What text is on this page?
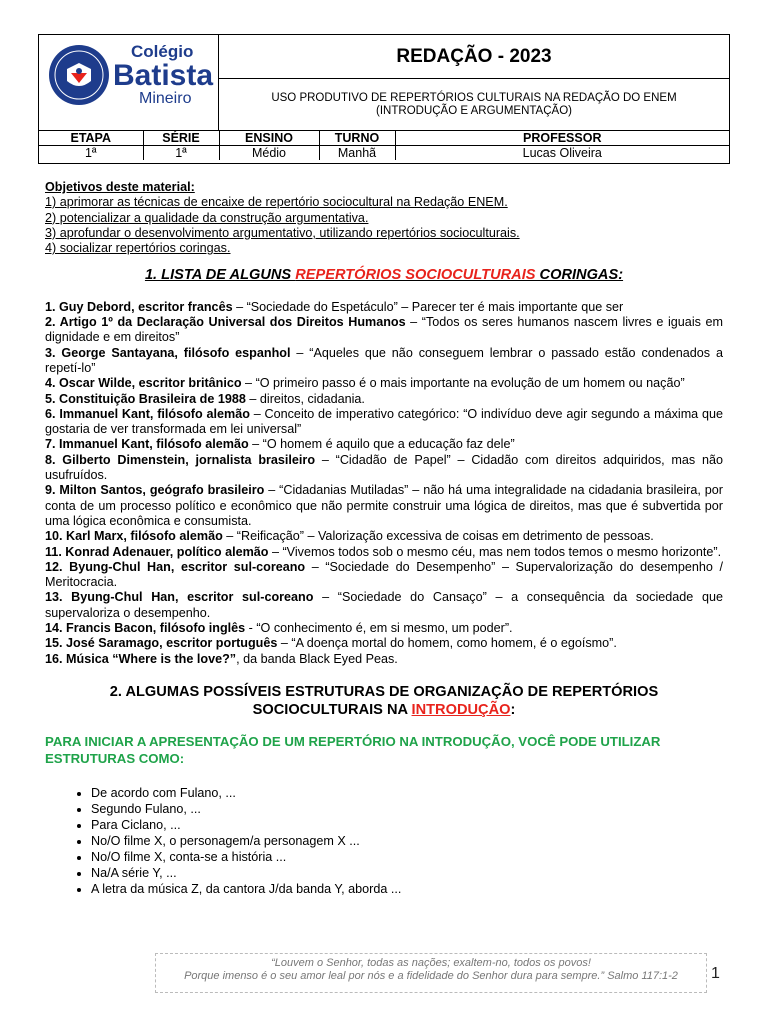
Colégio
Batista
Mineiro
REDAÇÃO - 2023
USO PRODUTIVO DE REPERTÓRIOS CULTURAIS NA REDAÇÃO DO ENEM
(INTRODUÇÃO E ARGUMENTAÇÃO)
ETAPA	SÉRIE	ENSINO	TURNO	PROFESSOR
1ª	1ª	Médio	Manhã	Lucas Oliveira

Objetivos deste material:

1) aprimorar as técnicas de encaixe de repertório sociocultural na Redação ENEM.

2) potencializar a qualidade da construção argumentativa.

3) aprofundar o desenvolvimento argumentativo, utilizando repertórios socioculturais.

4) socializar repertórios coringas.

1. LISTA DE ALGUNS REPERTÓRIOS SOCIOCULTURAIS CORINGAS:

1. Guy Debord, escritor francês – “Sociedade do Espetáculo” – Parecer ter é mais importante que ser

2. Artigo 1º da Declaração Universal dos Direitos Humanos – “Todos os seres humanos nascem livres e iguais em dignidade e em direitos”

3. George Santayana, filósofo espanhol – “Aqueles que não conseguem lembrar o passado estão condenados a repetí-lo”

4. Oscar Wilde, escritor britânico – “O primeiro passo é o mais importante na evolução de um homem ou nação”

5. Constituição Brasileira de 1988 – direitos, cidadania.

6. Immanuel Kant, filósofo alemão – Conceito de imperativo categórico: “O indivíduo deve agir segundo a máxima que gostaria de ver transformada em lei universal”

7. Immanuel Kant, filósofo alemão – “O homem é aquilo que a educação faz dele”

8. Gilberto Dimenstein, jornalista brasileiro – “Cidadão de Papel” – Cidadão com direitos adquiridos, mas não usufruídos.

9. Milton Santos, geógrafo brasileiro – “Cidadanias Mutiladas” – não há uma integralidade na cidadania brasileira, por conta de um processo político e econômico que não permite construir uma lógica de direitos, mas que é subvertida por uma lógica econômica e consumista.

10. Karl Marx, filósofo alemão – “Reificação” – Valorização excessiva de coisas em detrimento de pessoas.

11. Konrad Adenauer, político alemão – “Vivemos todos sob o mesmo céu, mas nem todos temos o mesmo horizonte”.

12. Byung-Chul Han, escritor sul-coreano – “Sociedade do Desempenho” – Supervalorização do desempenho / Meritocracia.

13. Byung-Chul Han, escritor sul-coreano – “Sociedade do Cansaço” – a consequência da sociedade que supervaloriza o desempenho.

14. Francis Bacon, filósofo inglês - “O conhecimento é, em si mesmo, um poder”.

15. José Saramago, escritor português – “A doença mortal do homem, como homem, é o egoísmo”.

16. Música “Where is the love?”, da banda Black Eyed Peas.

2. ALGUMAS POSSÍVEIS ESTRUTURAS DE ORGANIZAÇÃO DE REPERTÓRIOS SOCIOCULTURAIS NA INTRODUÇÃO:

PARA INICIAR A APRESENTAÇÃO DE UM REPERTÓRIO NA INTRODUÇÃO, VOCÊ PODE UTILIZAR ESTRUTURAS COMO:

• De acordo com Fulano, ...
• Segundo Fulano, ...
• Para Ciclano, ...
• No/O filme X, o personagem/a personagem X ...
• No/O filme X, conta-se a história ...
• Na/A série Y, ...
• A letra da música Z, da cantora J/da banda Y, aborda ...
“Louvem o Senhor, todas as nações; exaltem-no, todos os povos!
Porque imenso é o seu amor leal por nós e a fidelidade do Senhor dura para sempre.” Salmo 117:1-2	1
